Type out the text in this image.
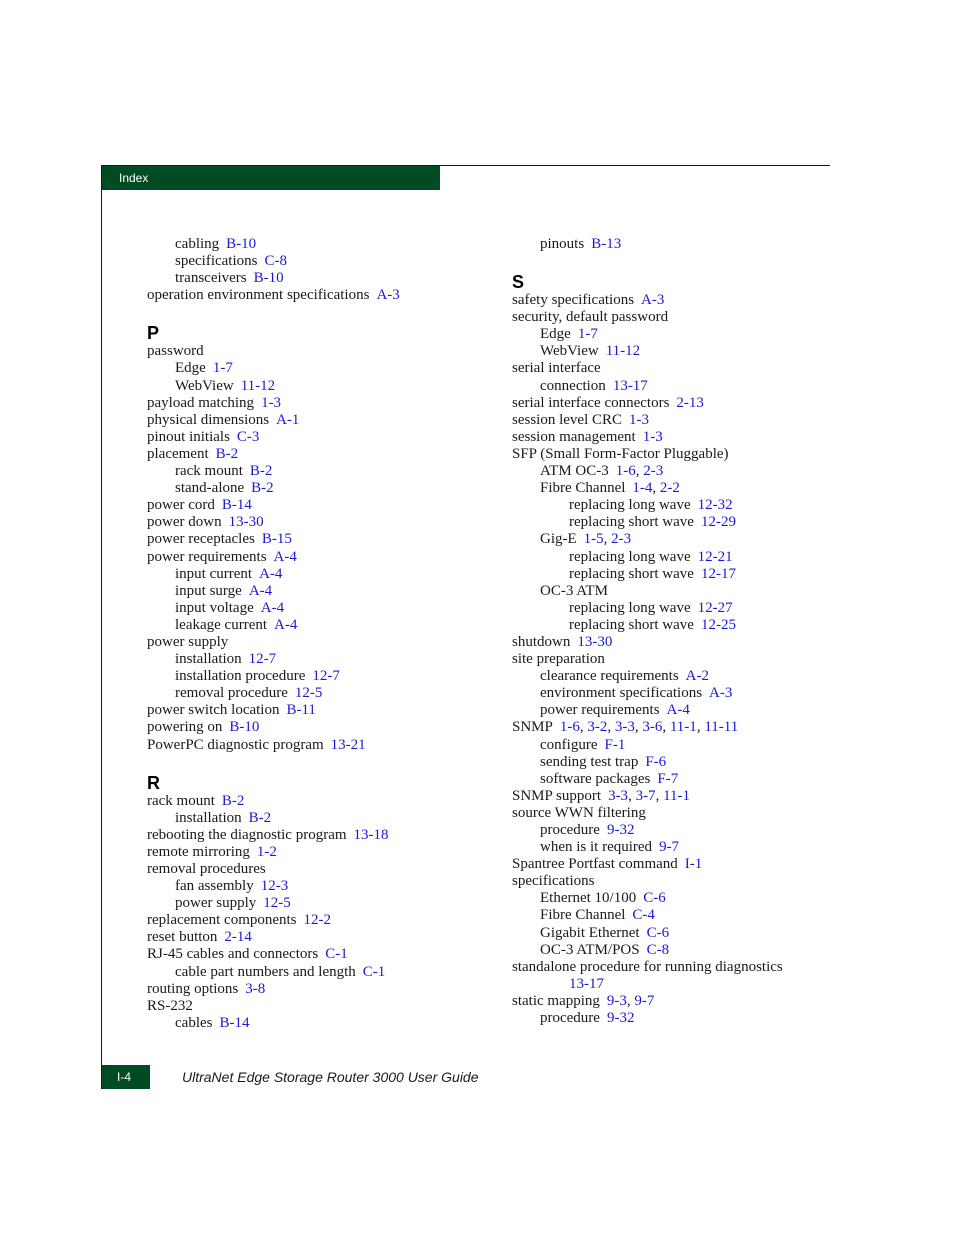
Index
cabling B-10
specifications C-8
transceivers B-10
operation environment specifications A-3
P
password
Edge 1-7
WebView 11-12
payload matching 1-3
physical dimensions A-1
pinout initials C-3
placement B-2
rack mount B-2
stand-alone B-2
power cord B-14
power down 13-30
power receptacles B-15
power requirements A-4
input current A-4
input surge A-4
input voltage A-4
leakage current A-4
power supply
installation 12-7
installation procedure 12-7
removal procedure 12-5
power switch location B-11
powering on B-10
PowerPC diagnostic program 13-21
R
rack mount B-2
installation B-2
rebooting the diagnostic program 13-18
remote mirroring 1-2
removal procedures
fan assembly 12-3
power supply 12-5
replacement components 12-2
reset button 2-14
RJ-45 cables and connectors C-1
cable part numbers and length C-1
routing options 3-8
RS-232
cables B-14
pinouts B-13
S
safety specifications A-3
security, default password
Edge 1-7
WebView 11-12
serial interface
connection 13-17
serial interface connectors 2-13
session level CRC 1-3
session management 1-3
SFP (Small Form-Factor Pluggable)
ATM OC-3 1-6, 2-3
Fibre Channel 1-4, 2-2
replacing long wave 12-32
replacing short wave 12-29
Gig-E 1-5, 2-3
replacing long wave 12-21
replacing short wave 12-17
OC-3 ATM
replacing long wave 12-27
replacing short wave 12-25
shutdown 13-30
site preparation
clearance requirements A-2
environment specifications A-3
power requirements A-4
SNMP 1-6, 3-2, 3-3, 3-6, 11-1, 11-11
configure F-1
sending test trap F-6
software packages F-7
SNMP support 3-3, 3-7, 11-1
source WWN filtering
procedure 9-32
when is it required 9-7
Spantree Portfast command I-1
specifications
Ethernet 10/100 C-6
Fibre Channel C-4
Gigabit Ethernet C-6
OC-3 ATM/POS C-8
standalone procedure for running diagnostics
13-17
static mapping 9-3, 9-7
procedure 9-32
I-4	UltraNet Edge Storage Router 3000 User Guide
